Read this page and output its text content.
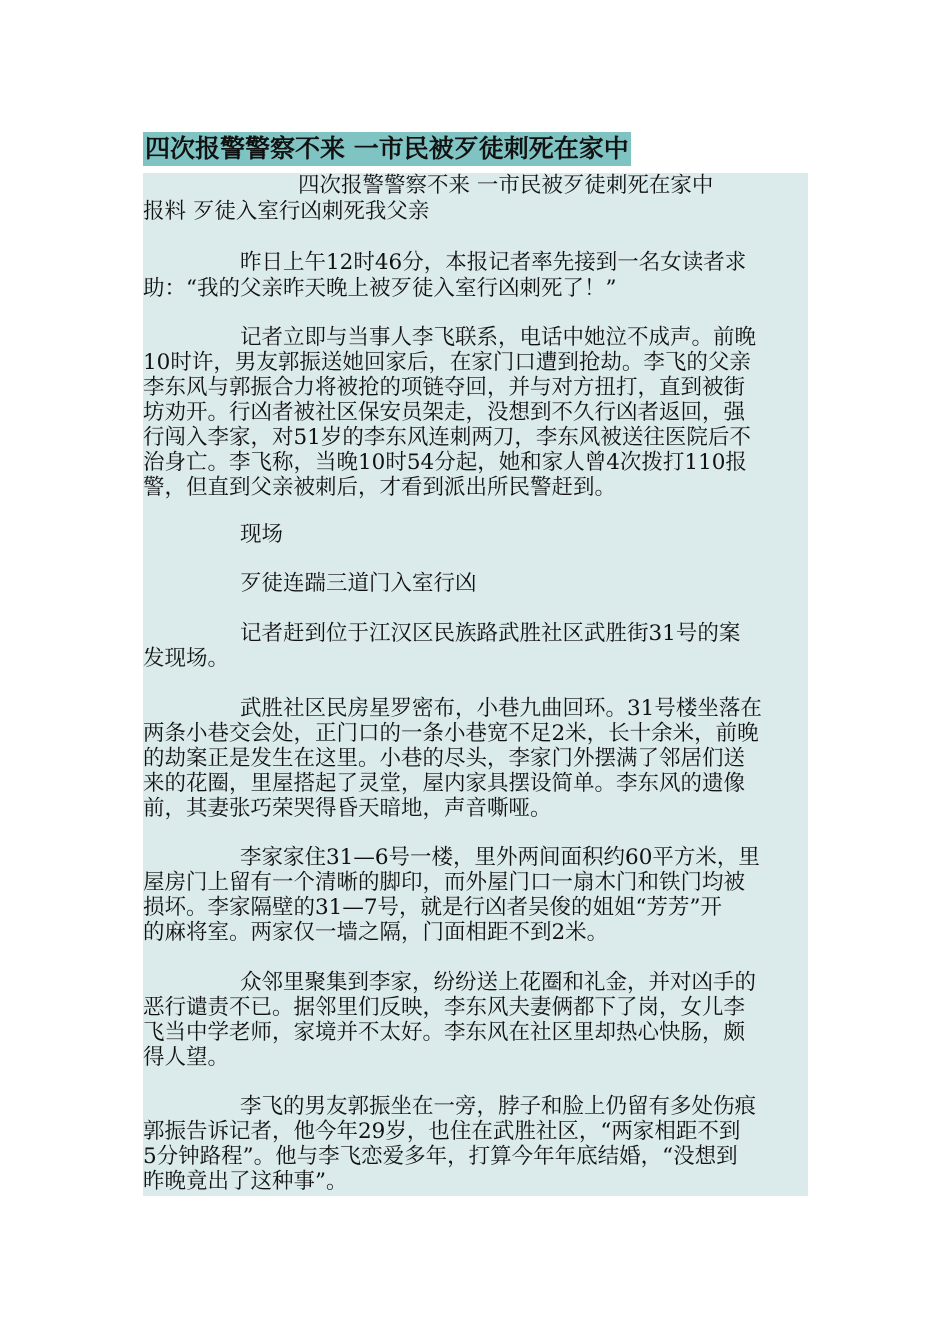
四次报警警察不来 一市民被歹徒刺死在家中
四次报警警察不来 一市民被歹徒刺死在家中
报料 歹徒入室行凶刺死我父亲
昨日上午12时46分，本报记者率先接到一名女读者求
助：“我的父亲昨天晚上被歹徒入室行凶刺死了！”
记者立即与当事人李飞联系，电话中她泣不成声。前晚
10时许，男友郭振送她回家后，在家门口遭到抢劫。李飞的父亲
李东风与郭振合力将被抢的项链夺回，并与对方扭打，直到被街
坊劝开。行凶者被社区保安员架走，没想到不久行凶者返回，强
行闯入李家，对51岁的李东风连刺两刀，李东风被送往医院后不
治身亡。李飞称，当晚10时54分起，她和家人曾4次拨打110报
警，但直到父亲被刺后，才看到派出所民警赶到。
现场
歹徒连踹三道门入室行凶
记者赶到位于江汉区民族路武胜社区武胜街31号的案
发现场。
武胜社区民房星罗密布，小巷九曲回环。31号楼坐落在
两条小巷交会处，正门口的一条小巷宽不足2米，长十余米，前晚
的劫案正是发生在这里。小巷的尽头，李家门外摆满了邻居们送
来的花圈，里屋搭起了灵堂，屋内家具摆设简单。李东风的遗像
前，其妻张巧荣哭得昏天暗地，声音嘶哑。
李家家住31—6号一楼，里外两间面积约60平方米，里
屋房门上留有一个清晰的脚印，而外屋门口一扇木门和铁门均被
损坏。李家隔壁的31—7号，就是行凶者吴俊的姐姐“芳芳”开
的麻将室。两家仅一墙之隔，门面相距不到2米。
众邻里聚集到李家，纷纷送上花圈和礼金，并对凶手的
恶行谴责不已。据邻里们反映，李东风夫妻俩都下了岗，女儿李
飞当中学老师，家境并不太好。李东风在社区里却热心快肠，颇
得人望。
李飞的男友郭振坐在一旁，脖子和脸上仍留有多处伤痕
郭振告诉记者，他今年29岁，也住在武胜社区，“两家相距不到
5分钟路程”。他与李飞恋爱多年，打算今年年底结婚，“没想到
昨晚竟出了这种事”。
